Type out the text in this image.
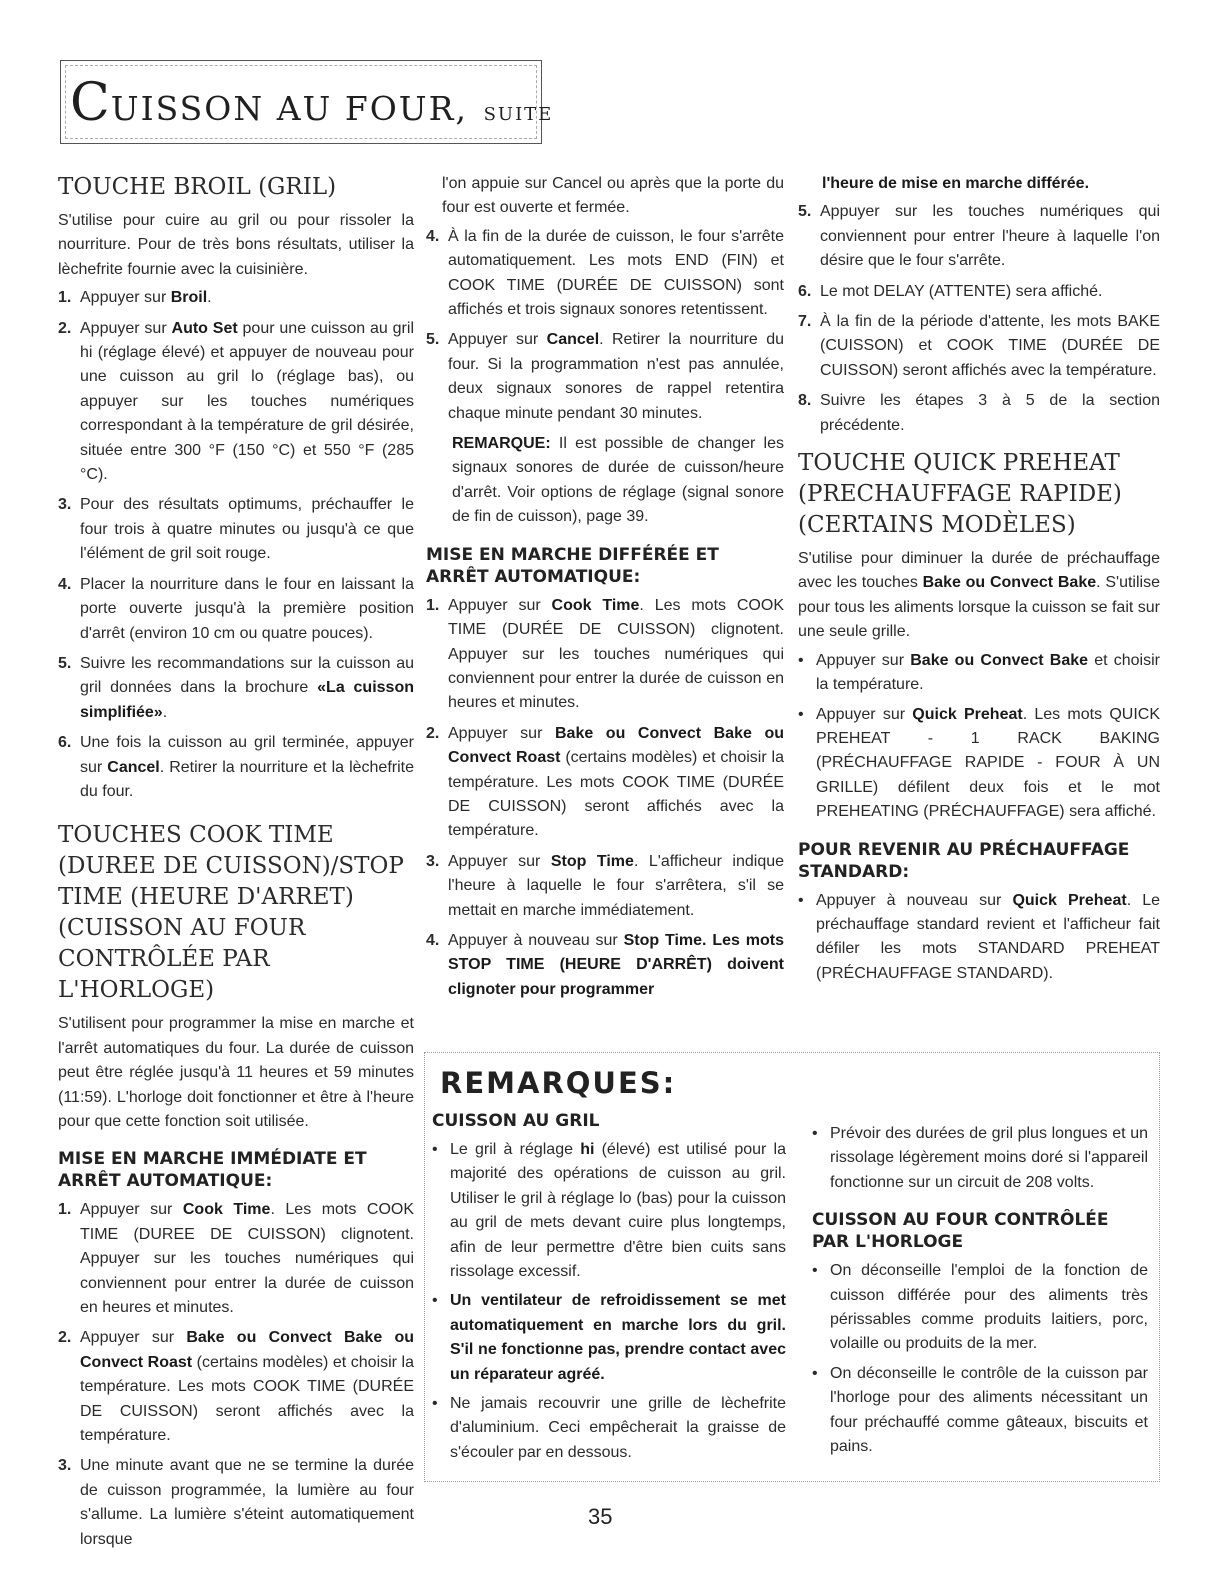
CUISSON AU FOUR, SUITE
TOUCHE BROIL (GRIL)

S'utilise pour cuire au gril ou pour rissoler la nourriture. Pour de très bons résultats, utiliser la lèchefrite fournie avec la cuisinière.

1. Appuyer sur Broil.
2. Appuyer sur Auto Set pour une cuisson au gril hi (réglage élevé) et appuyer de nouveau pour une cuisson au gril lo (réglage bas), ou appuyer sur les touches numériques correspondant à la température de gril désirée, située entre 300 °F (150 °C) et 550 °F (285 °C).
3. Pour des résultats optimums, préchauffer le four trois à quatre minutes ou jusqu'à ce que l'élément de gril soit rouge.
4. Placer la nourriture dans le four en laissant la porte ouverte jusqu'à la première position d'arrêt (environ 10 cm ou quatre pouces).
5. Suivre les recommandations sur la cuisson au gril données dans la brochure «La cuisson simplifiée».
6. Une fois la cuisson au gril terminée, appuyer sur Cancel. Retirer la nourriture et la lèchefrite du four.
TOUCHES COOK TIME (DUREE DE CUISSON)/STOP TIME (HEURE D'ARRET) (CUISSON AU FOUR CONTRÔLÉE PAR L'HORLOGE)

S'utilisent pour programmer la mise en marche et l'arrêt automatiques du four. La durée de cuisson peut être réglée jusqu'à 11 heures et 59 minutes (11:59). L'horloge doit fonctionner et être à l'heure pour que cette fonction soit utilisée.

MISE EN MARCHE IMMÉDIATE ET ARRÊT AUTOMATIQUE:
1. Appuyer sur Cook Time. Les mots COOK TIME (DUREE DE CUISSON) clignotent. Appuyer sur les touches numériques qui conviennent pour entrer la durée de cuisson en heures et minutes.
2. Appuyer sur Bake ou Convect Bake ou Convect Roast (certains modèles) et choisir la température. Les mots COOK TIME (DURÉE DE CUISSON) seront affichés avec la température.
3. Une minute avant que ne se termine la durée de cuisson programmée, la lumière au four s'allume. La lumière s'éteint automatiquement lorsque

l'on appuie sur Cancel ou après que la porte du four est ouverte et fermée.

4. À la fin de la durée de cuisson, le four s'arrête automatiquement. Les mots END (FIN) et COOK TIME (DURÉE DE CUISSON) sont affichés et trois signaux sonores retentissent.
5. Appuyer sur Cancel. Retirer la nourriture du four. Si la programmation n'est pas annulée, deux signaux sonores de rappel retentira chaque minute pendant 30 minutes.

REMARQUE: Il est possible de changer les signaux sonores de durée de cuisson/heure d'arrêt. Voir options de réglage (signal sonore de fin de cuisson), page 39.

MISE EN MARCHE DIFFÉRÉE ET ARRÊT AUTOMATIQUE:
1. Appuyer sur Cook Time. Les mots COOK TIME (DURÉE DE CUISSON) clignotent. Appuyer sur les touches numériques qui conviennent pour entrer la durée de cuisson en heures et minutes.
2. Appuyer sur Bake ou Convect Bake ou Convect Roast (certains modèles) et choisir la température. Les mots COOK TIME (DURÉE DE CUISSON) seront affichés avec la température.
3. Appuyer sur Stop Time. L'afficheur indique l'heure à laquelle le four s'arrêtera, s'il se mettait en marche immédiatement.
4. Appuyer à nouveau sur Stop Time. Les mots STOP TIME (HEURE D'ARRÊT) doivent clignoter pour programmer

l'heure de mise en marche différée.

5. Appuyer sur les touches numériques qui conviennent pour entrer l'heure à laquelle l'on désire que le four s'arrête.
6. Le mot DELAY (ATTENTE) sera affiché.
7. À la fin de la période d'attente, les mots BAKE (CUISSON) et COOK TIME (DURÉE DE CUISSON) seront affichés avec la température.
8. Suivre les étapes 3 à 5 de la section précédente.
TOUCHE QUICK PREHEAT (PRECHAUFFAGE RAPIDE) (CERTAINS MODÈLES)

S'utilise pour diminuer la durée de préchauffage avec les touches Bake ou Convect Bake. S'utilise pour tous les aliments lorsque la cuisson se fait sur une seule grille.

• Appuyer sur Bake ou Convect Bake et choisir la température.
• Appuyer sur Quick Preheat. Les mots QUICK PREHEAT - 1 RACK BAKING (PRÉCHAUFFAGE RAPIDE - FOUR À UN GRILLE) défilent deux fois et le mot PREHEATING (PRÉCHAUFFAGE) sera affiché.
POUR REVENIR AU PRÉCHAUFFAGE STANDARD:
• Appuyer à nouveau sur Quick Preheat. Le préchauffage standard revient et l'afficheur fait défiler les mots STANDARD PREHEAT (PRÉCHAUFFAGE STANDARD).
REMARQUES:
CUISSON AU GRIL
• Le gril à réglage hi (élevé) est utilisé pour la majorité des opérations de cuisson au gril. Utiliser le gril à réglage lo (bas) pour la cuisson au gril de mets devant cuire plus longtemps, afin de leur permettre d'être bien cuits sans rissolage excessif.
• Un ventilateur de refroidissement se met automatiquement en marche lors du gril. S'il ne fonctionne pas, prendre contact avec un réparateur agréé.
• Ne jamais recouvrir une grille de lèchefrite d'aluminium. Ceci empêcherait la graisse de s'écouler par en dessous.
• Prévoir des durées de gril plus longues et un rissolage légèrement moins doré si l'appareil fonctionne sur un circuit de 208 volts.
CUISSON AU FOUR CONTRÔLÉE PAR L'HORLOGE
• On déconseille l'emploi de la fonction de cuisson différée pour des aliments très périssables comme produits laitiers, porc, volaille ou produits de la mer.
• On déconseille le contrôle de la cuisson par l'horloge pour des aliments nécessitant un four préchauffé comme gâteaux, biscuits et pains.
35
